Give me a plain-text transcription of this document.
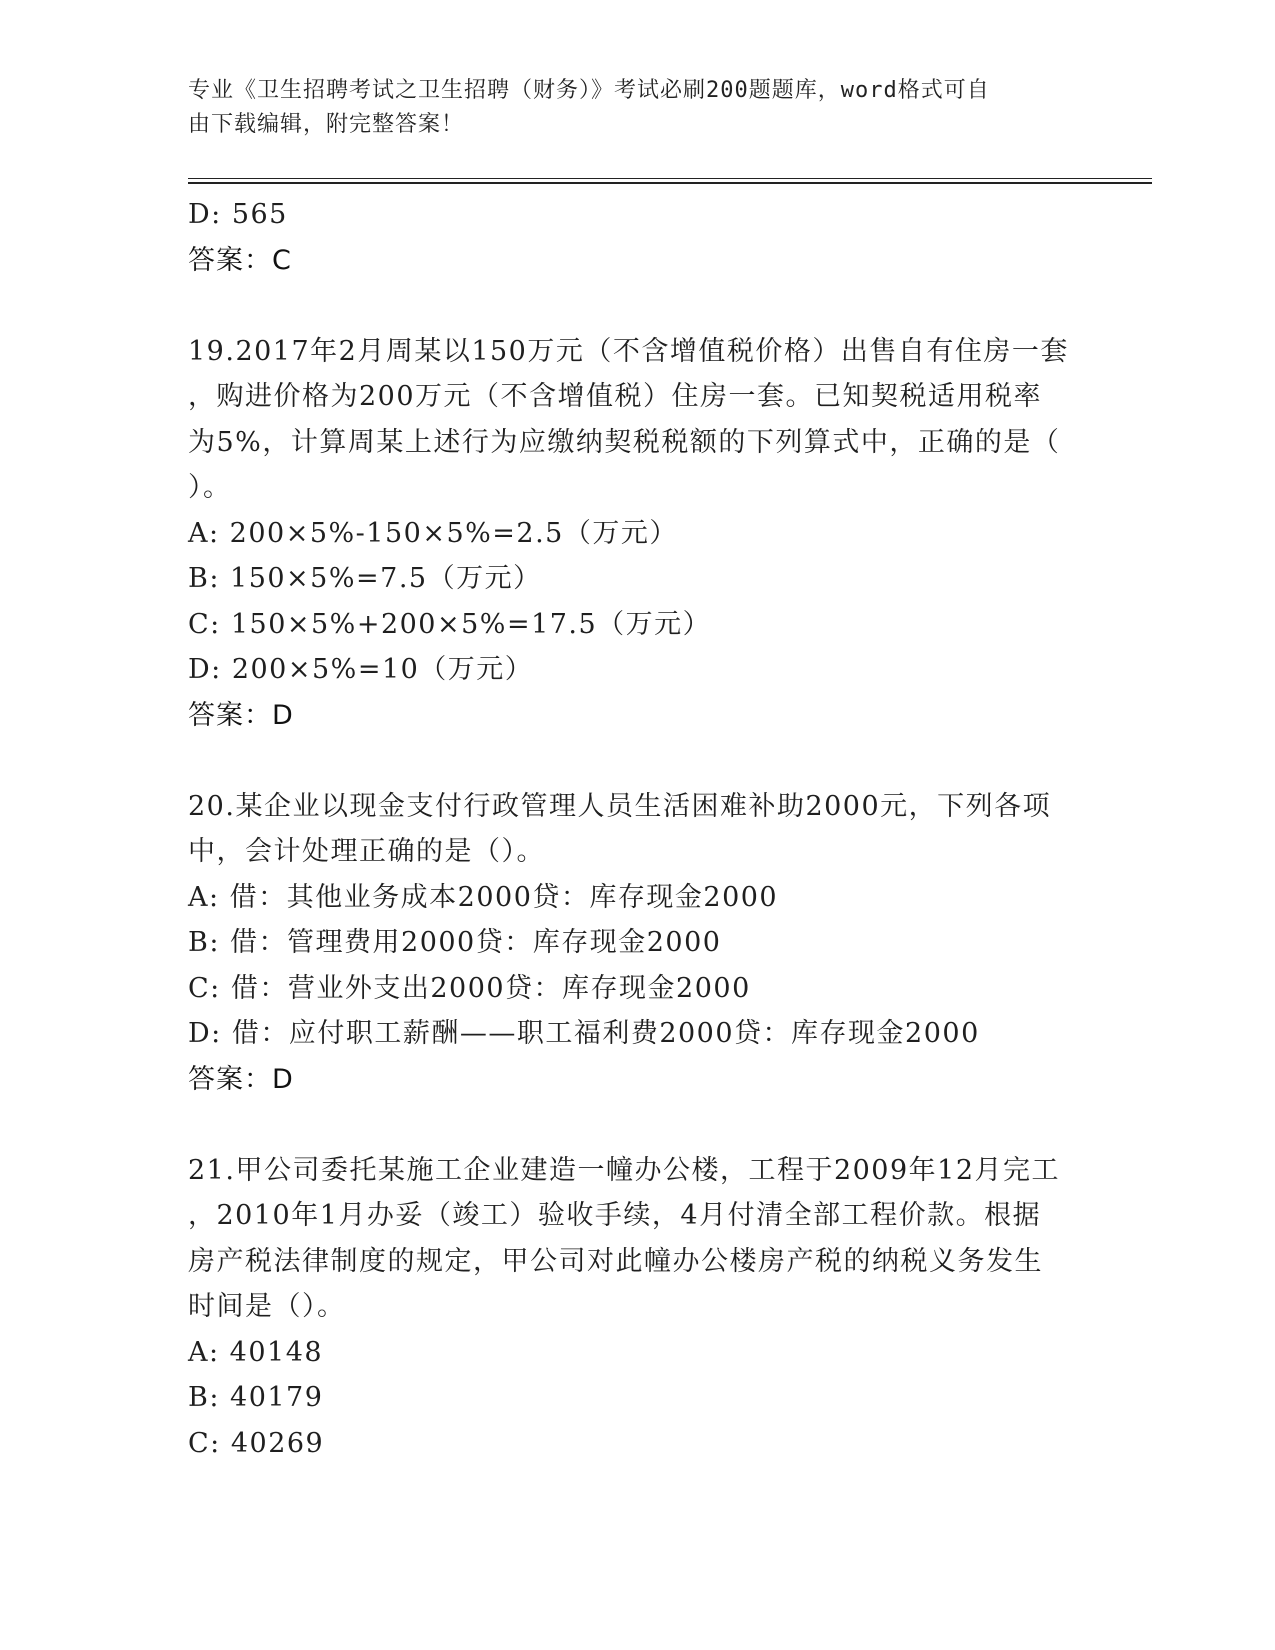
专业《卫生招聘考试之卫生招聘（财务）》考试必刷200题题库，word格式可自
由下载编辑，附完整答案！
D: 565
答案：C
19.2017年2月周某以150万元（不含增值税价格）出售自有住房一套
，购进价格为200万元（不含增值税）住房一套。已知契税适用税率
为5%，计算周某上述行为应缴纳契税税额的下列算式中，正确的是（
）。
A: 200×5%-150×5%=2.5（万元）
B: 150×5%=7.5（万元）
C: 150×5%+200×5%=17.5（万元）
D: 200×5%=10（万元）
答案：D
20.某企业以现金支付行政管理人员生活困难补助2000元，下列各项
中，会计处理正确的是（）。
A: 借：其他业务成本2000贷：库存现金2000
B: 借：管理费用2000贷：库存现金2000
C: 借：营业外支出2000贷：库存现金2000
D: 借：应付职工薪酬——职工福利费2000贷：库存现金2000
答案：D
21.甲公司委托某施工企业建造一幢办公楼，工程于2009年12月完工
，2010年1月办妥（竣工）验收手续，4月付清全部工程价款。根据
房产税法律制度的规定，甲公司对此幢办公楼房产税的纳税义务发生
时间是（）。
A: 40148
B: 40179
C: 40269
